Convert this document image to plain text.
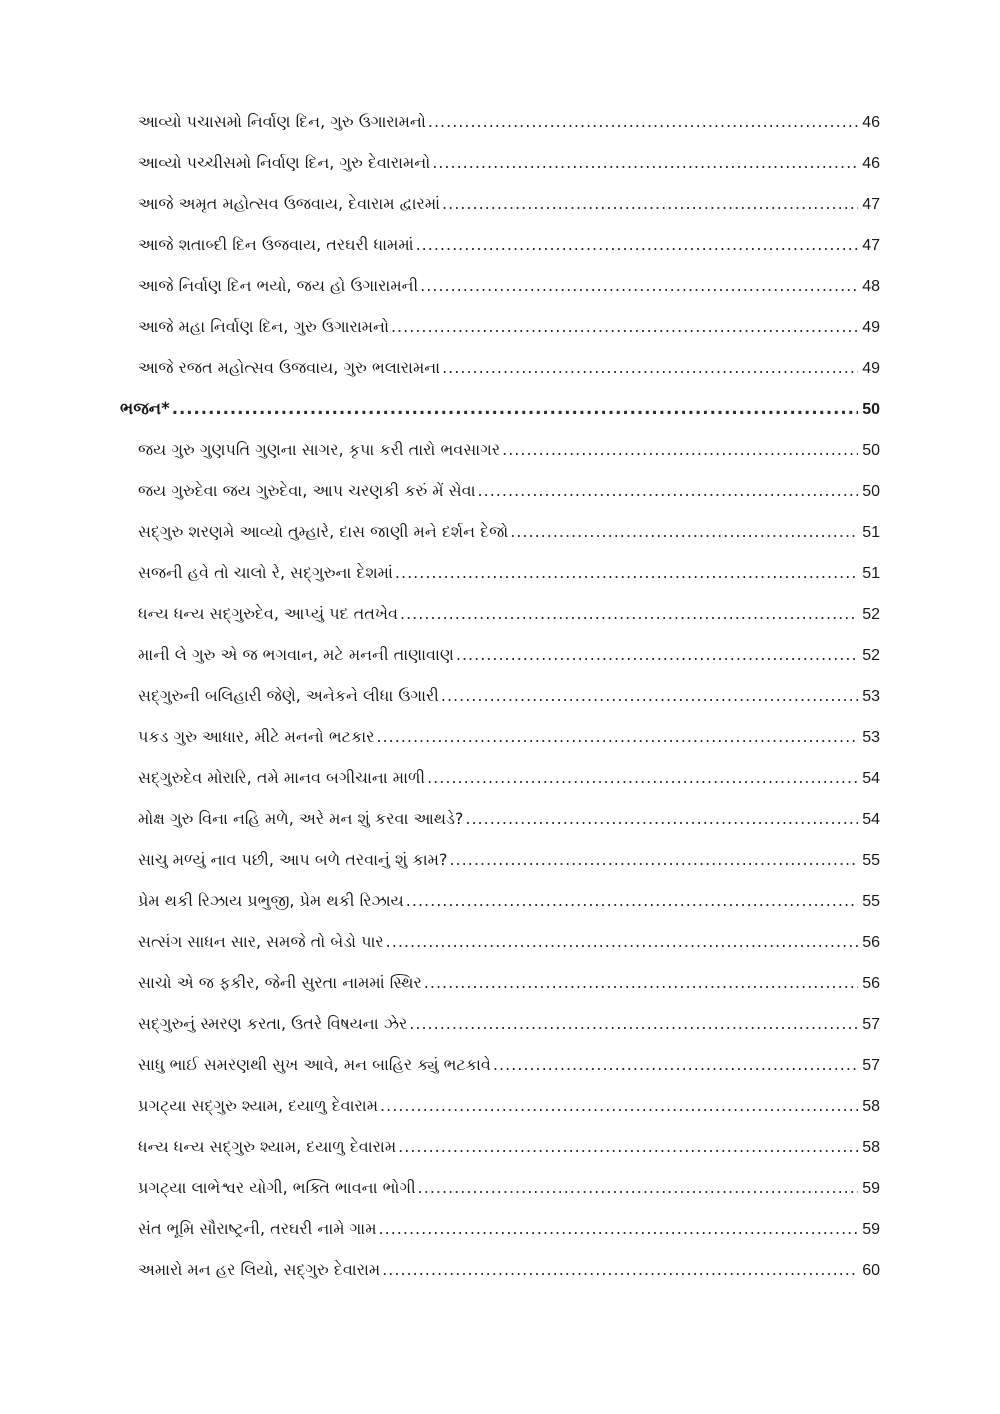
આવ્યો પચાસમો નિર્વાણ દિન, ગુરુ ઉગારામનો .....	46
આવ્યો પચ્ચીસમો નિર્વાણ દિન, ગુરુ દેવારામનો .....	46
આજે અમૃત મહોત્સવ ઉજવાય, દેવારામ દ્વારમાં .....	47
આજે શતાબ્દી દિન ઉજવાય, તરઘરી ધામમાં .....	47
આજે નિર્વાણ દિન ભયો, જય હો ઉગારામની .....	48
આજે મહા નિર્વાણ દિન, ગુરુ ઉગારામનો .....	49
આજે રજત મહોત્સવ ઉજવાય, ગુરુ ભલારામના .....	49
ભજન* .....	50
જય ગુરુ ગુણપતિ ગુણના સાગર, કૃપા કરી તારો ભવસાગર .....	50
જય ગુરુદેવા જય ગુરુદેવા, આપ ચરણકી કરું મેં સેવા .....	50
સદ્ગુરુ શરણમે આવ્યો તુમ્હારે, દાસ જાણી મને દર્શન દેજો .....	51
સજની હવે તો ચાલો રે, સદ્ગુરુના દેશમાં .....	51
ધન્ય ધન્ય સદ્ગુરુદેવ, આપ્યું પદ તતખેવ .....	52
માની લે ગુરુ એ જ ભગવાન, મટે મનની તાણાવાણ .....	52
સદ્ગુરુની બલિહારી જેણે, અનેકને લીધા ઉગારી .....	53
પકડ ગુરુ આધાર, મીટે મનનો ભટકાર .....	53
સદ્ગુરુદેવ મોરારિ, તમે માનવ બગીચાના માળી .....	54
મોક્ષ ગુરુ વિના નહિ મળે, અરે મન શું કરવા આથડે? .....	54
સાચુ મળ્યું નાવ પછી, આપ બળે તરવાનું શું કામ? .....	55
પ્રેમ થકી રિઝાય પ્રભુજી, પ્રેમ થકી રિઝાય .....	55
સત્સંગ સાધન સાર, સમજે તો બેડો પાર .....	56
સાચો એ જ ફકીર, જેની સુરતા નામમાં સ્થિર .....	56
સદ્ગુરુનું સ્મરણ કરતા, ઉતરે વિષયના ઝેર .....	57
સાધુ ભાઈ સમરણથી સુખ આવે, મન બાહિર ક્યું ભટકાવે .....	57
પ્રગટ્યા સદ્ગુરુ શ્યામ, દયાળુ દેવારામ .....	58
ધન્ય ધન્ય સદ્ગુરુ શ્યામ, દયાળુ દેવારામ .....	58
પ્રગટ્યા લાભેશ્વર યોગી, ભક્તિ ભાવના ભોગી .....	59
સંત ભૂમિ સૌરાષ્ટ્રની, તરઘરી નામે ગામ .....	59
અમારો મન હર લિયો, સદ્ગુરુ દેવારામ .....	60
